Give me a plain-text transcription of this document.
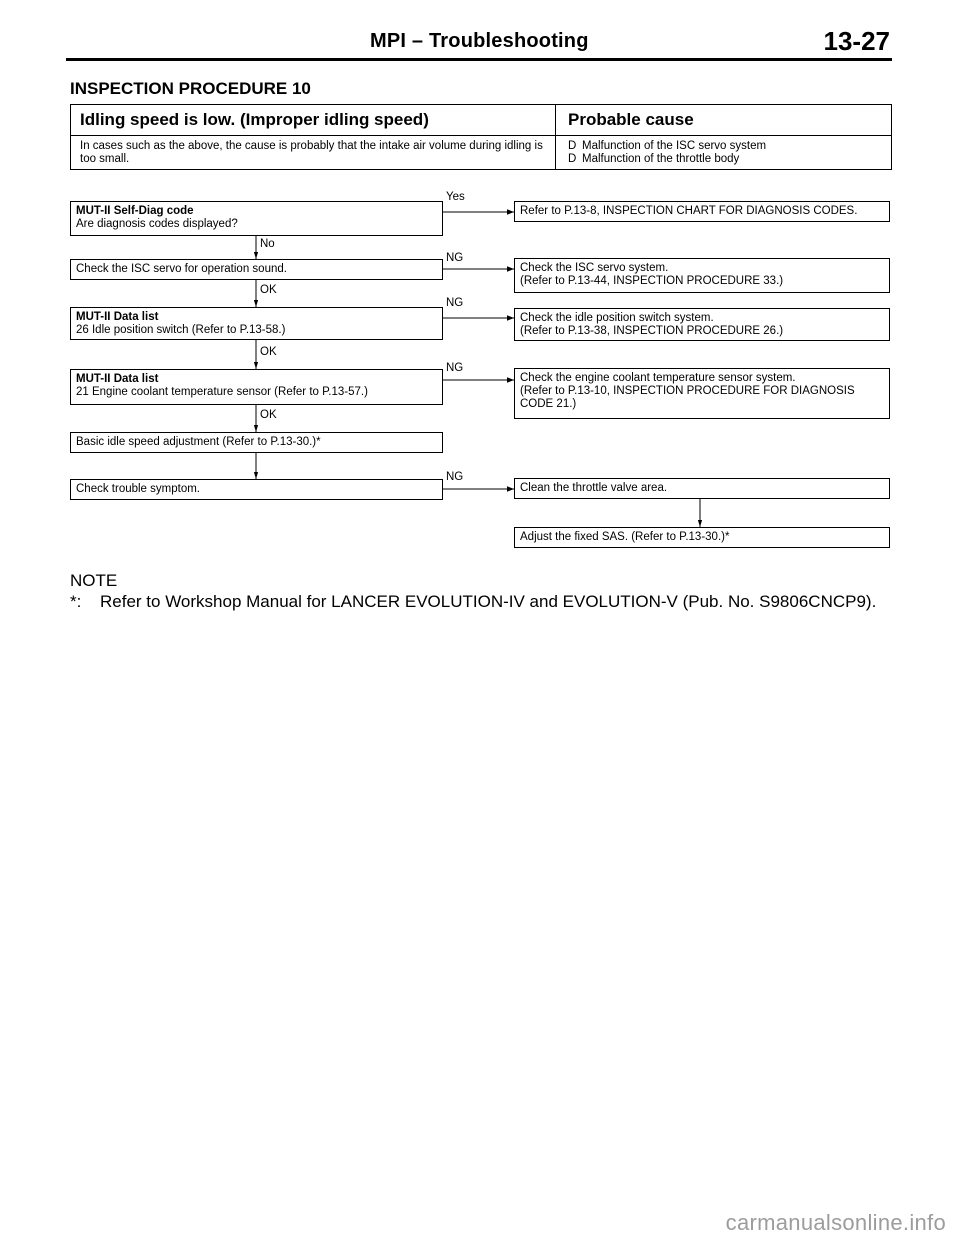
MPI – Troubleshooting	13-27
INSPECTION PROCEDURE 10
Idling speed is low. (Improper idling speed)	Probable cause
In cases such as the above, the cause is probably that the intake air volume during idling is too small.
D Malfunction of the ISC servo system
D Malfunction of the throttle body
MUT-II Self-Diag code
Are diagnosis codes displayed?
Yes
Refer to P.13-8, INSPECTION CHART FOR DIAGNOSIS CODES.
No
Check the ISC servo for operation sound.
NG
Check the ISC servo system.
(Refer to P.13-44, INSPECTION PROCEDURE 33.)
OK
MUT-II Data list
26 Idle position switch (Refer to P.13-58.)
NG
Check the idle position switch system.
(Refer to P.13-38, INSPECTION PROCEDURE 26.)
OK
MUT-II Data list
21 Engine coolant temperature sensor (Refer to P.13-57.)
NG
Check the engine coolant temperature sensor system.
(Refer to P.13-10, INSPECTION PROCEDURE FOR DIAGNOSIS
CODE 21.)
OK
Basic idle speed adjustment (Refer to P.13-30.)*
Check trouble symptom.
NG
Clean the throttle valve area.
Adjust the fixed SAS. (Refer to P.13-30.)*
NOTE
*: Refer to Workshop Manual for LANCER EVOLUTION-IV and EVOLUTION-V (Pub. No. S9806CNCP9).
carmanualsonline.info
